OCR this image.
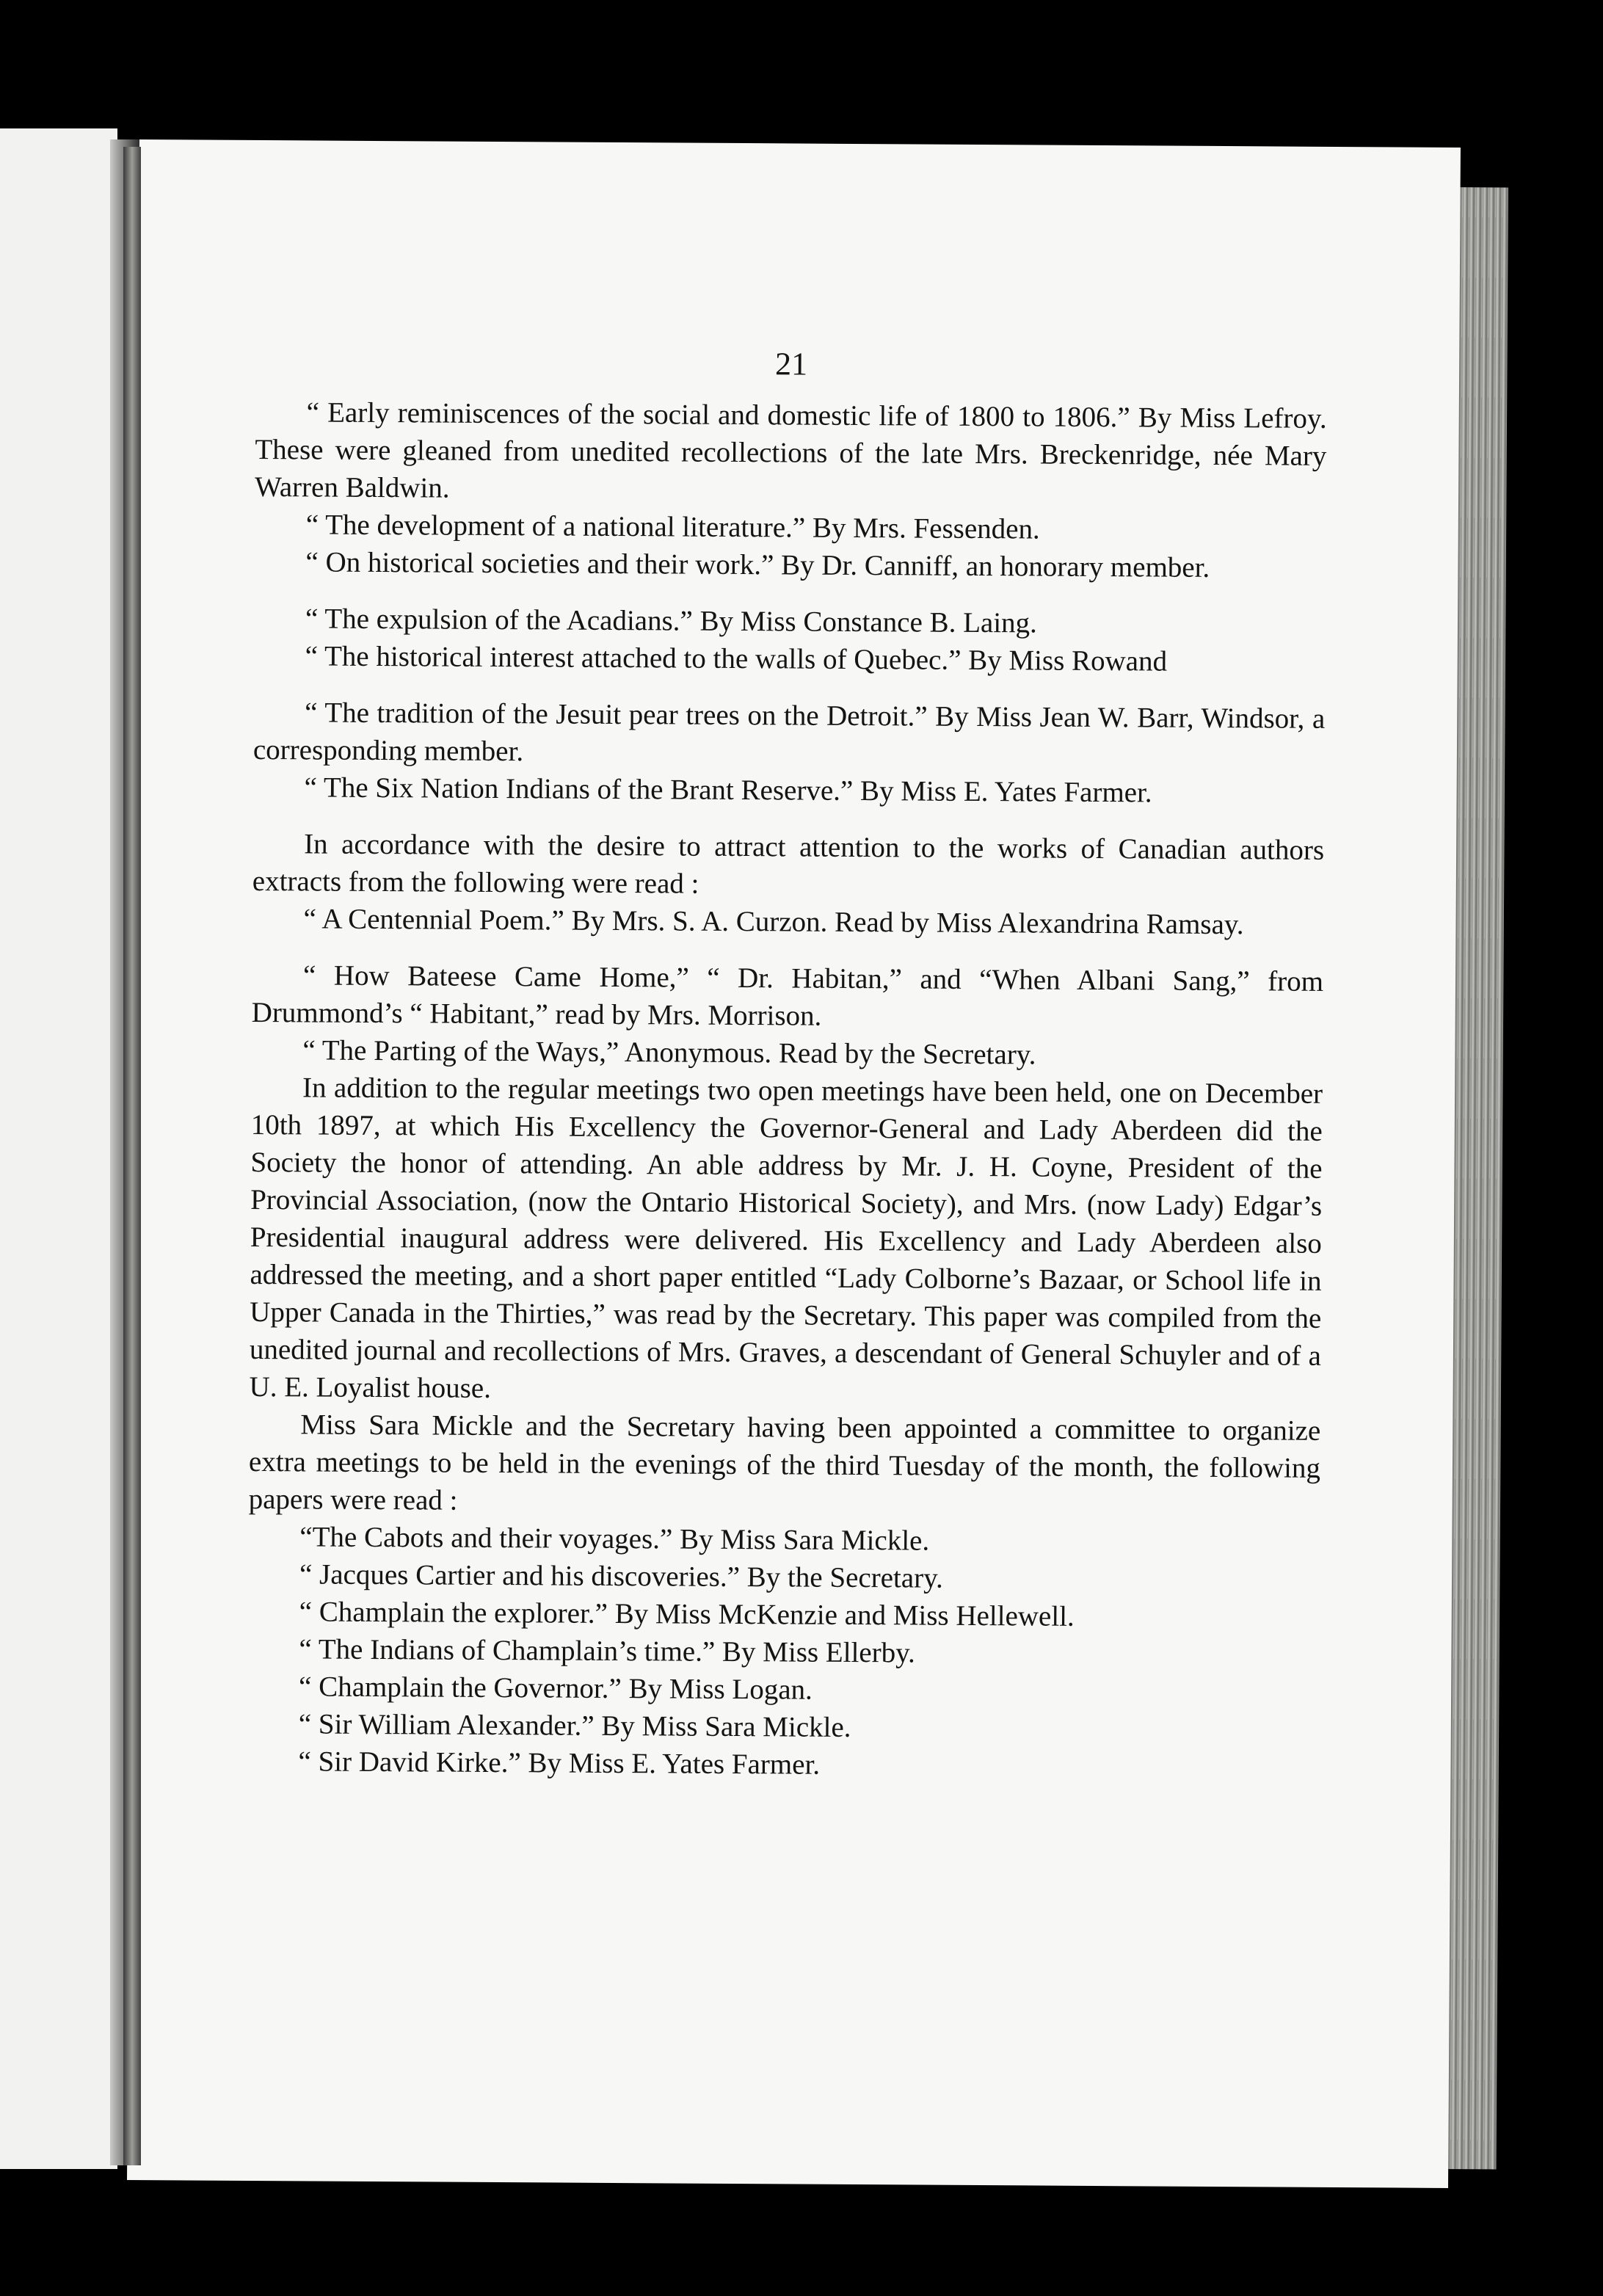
21

“ Early reminiscences of the social and domestic life of 1800 to 1806.” By Miss Lefroy. These were gleaned from unedited recollections of the late Mrs. Breckenridge, née Mary Warren Baldwin.

“ The development of a national literature.” By Mrs. Fessenden.

“ On historical societies and their work.” By Dr. Canniff, an honorary member.

“ The expulsion of the Acadians.” By Miss Constance B. Laing.

“ The historical interest attached to the walls of Quebec.” By Miss Rowand

“ The tradition of the Jesuit pear trees on the Detroit.” By Miss Jean W. Barr, Windsor, a corresponding member.

“ The Six Nation Indians of the Brant Reserve.” By Miss E. Yates Farmer.

In accordance with the desire to attract attention to the works of Canadian authors extracts from the following were read :

“ A Centennial Poem.” By Mrs. S. A. Curzon. Read by Miss Alexandrina Ramsay.

“ How Bateese Came Home,” “ Dr. Habitan,” and “When Albani Sang,” from Drummond’s “ Habitant,” read by Mrs. Morrison.

“ The Parting of the Ways,” Anonymous. Read by the Secretary.

In addition to the regular meetings two open meetings have been held, one on December 10th 1897, at which His Excellency the Governor-General and Lady Aberdeen did the Society the honor of attending. An able address by Mr. J. H. Coyne, President of the Provincial Association, (now the Ontario Historical Society), and Mrs. (now Lady) Edgar’s Presidential inaugural address were delivered. His Excellency and Lady Aberdeen also addressed the meeting, and a short paper entitled “Lady Colborne’s Bazaar, or School life in Upper Canada in the Thirties,” was read by the Secretary. This paper was compiled from the unedited journal and recollections of Mrs. Graves, a descendant of General Schuyler and of a U. E. Loyalist house.

Miss Sara Mickle and the Secretary having been appointed a committee to organize extra meetings to be held in the evenings of the third Tuesday of the month, the following papers were read :

“The Cabots and their voyages.” By Miss Sara Mickle.

“ Jacques Cartier and his discoveries.” By the Secretary.

“ Champlain the explorer.” By Miss McKenzie and Miss Hellewell.

“ The Indians of Champlain’s time.” By Miss Ellerby.

“ Champlain the Governor.” By Miss Logan.

“ Sir William Alexander.” By Miss Sara Mickle.

“ Sir David Kirke.” By Miss E. Yates Farmer.
